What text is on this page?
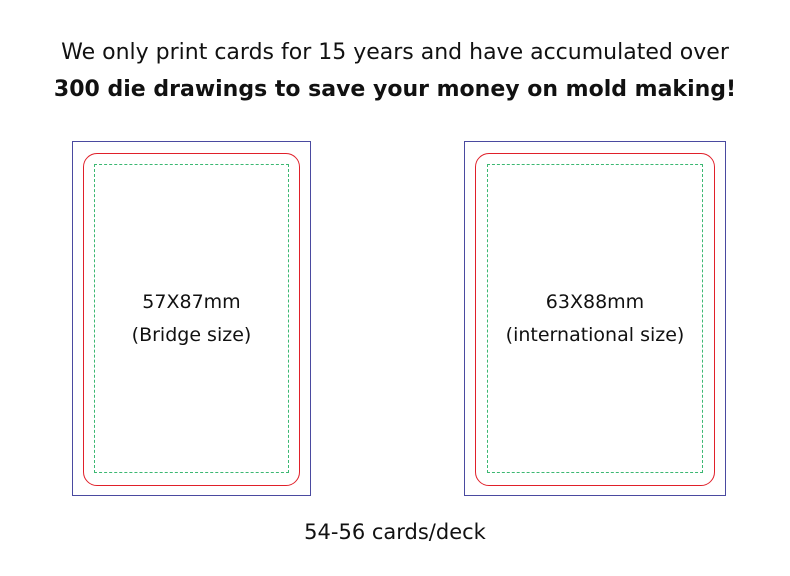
We only print cards for 15 years and have accumulated over
300 die drawings to save your money on mold making!
57X87mm
(Bridge size)
63X88mm
(international size)
54-56 cards/deck
